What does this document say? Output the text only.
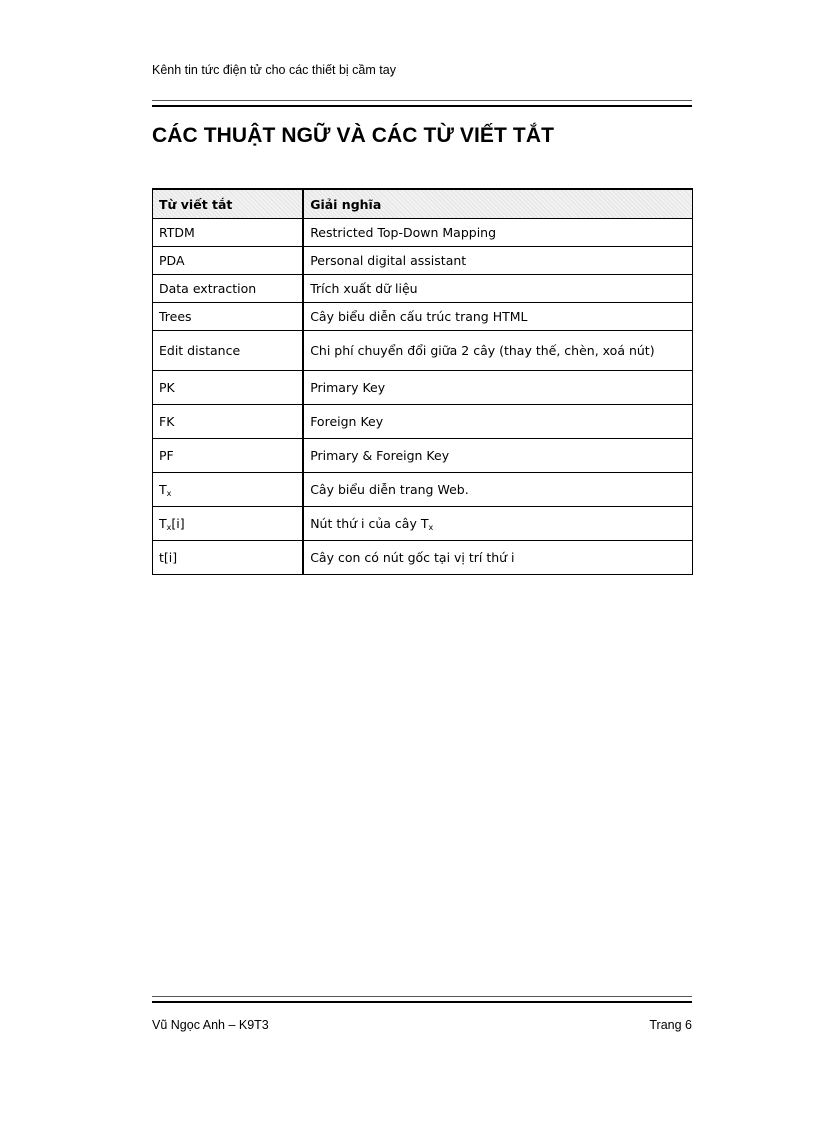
Kênh tin tức điện tử cho các thiết bị cầm tay
CÁC THUẬT NGỮ VÀ CÁC TỪ VIẾT TẮT
Từ viết tắt	Giải nghĩa
RTDM	Restricted Top-Down Mapping
PDA	Personal digital assistant
Data extraction	Trích xuất dữ liệu
Trees	Cây biểu diễn cấu trúc trang HTML
Edit distance	Chi phí chuyển đổi giữa 2 cây (thay thế, chèn, xoá nút)
PK	Primary Key
FK	Foreign Key
PF	Primary & Foreign Key
$T_x$	Cây biểu diễn trang Web.
$T_x[i]$	Nút thứ i của cây $T_x$
t[i]	Cây con có nút gốc tại vị trí thứ i
Vũ Ngọc Anh – K9T3	Trang 6
